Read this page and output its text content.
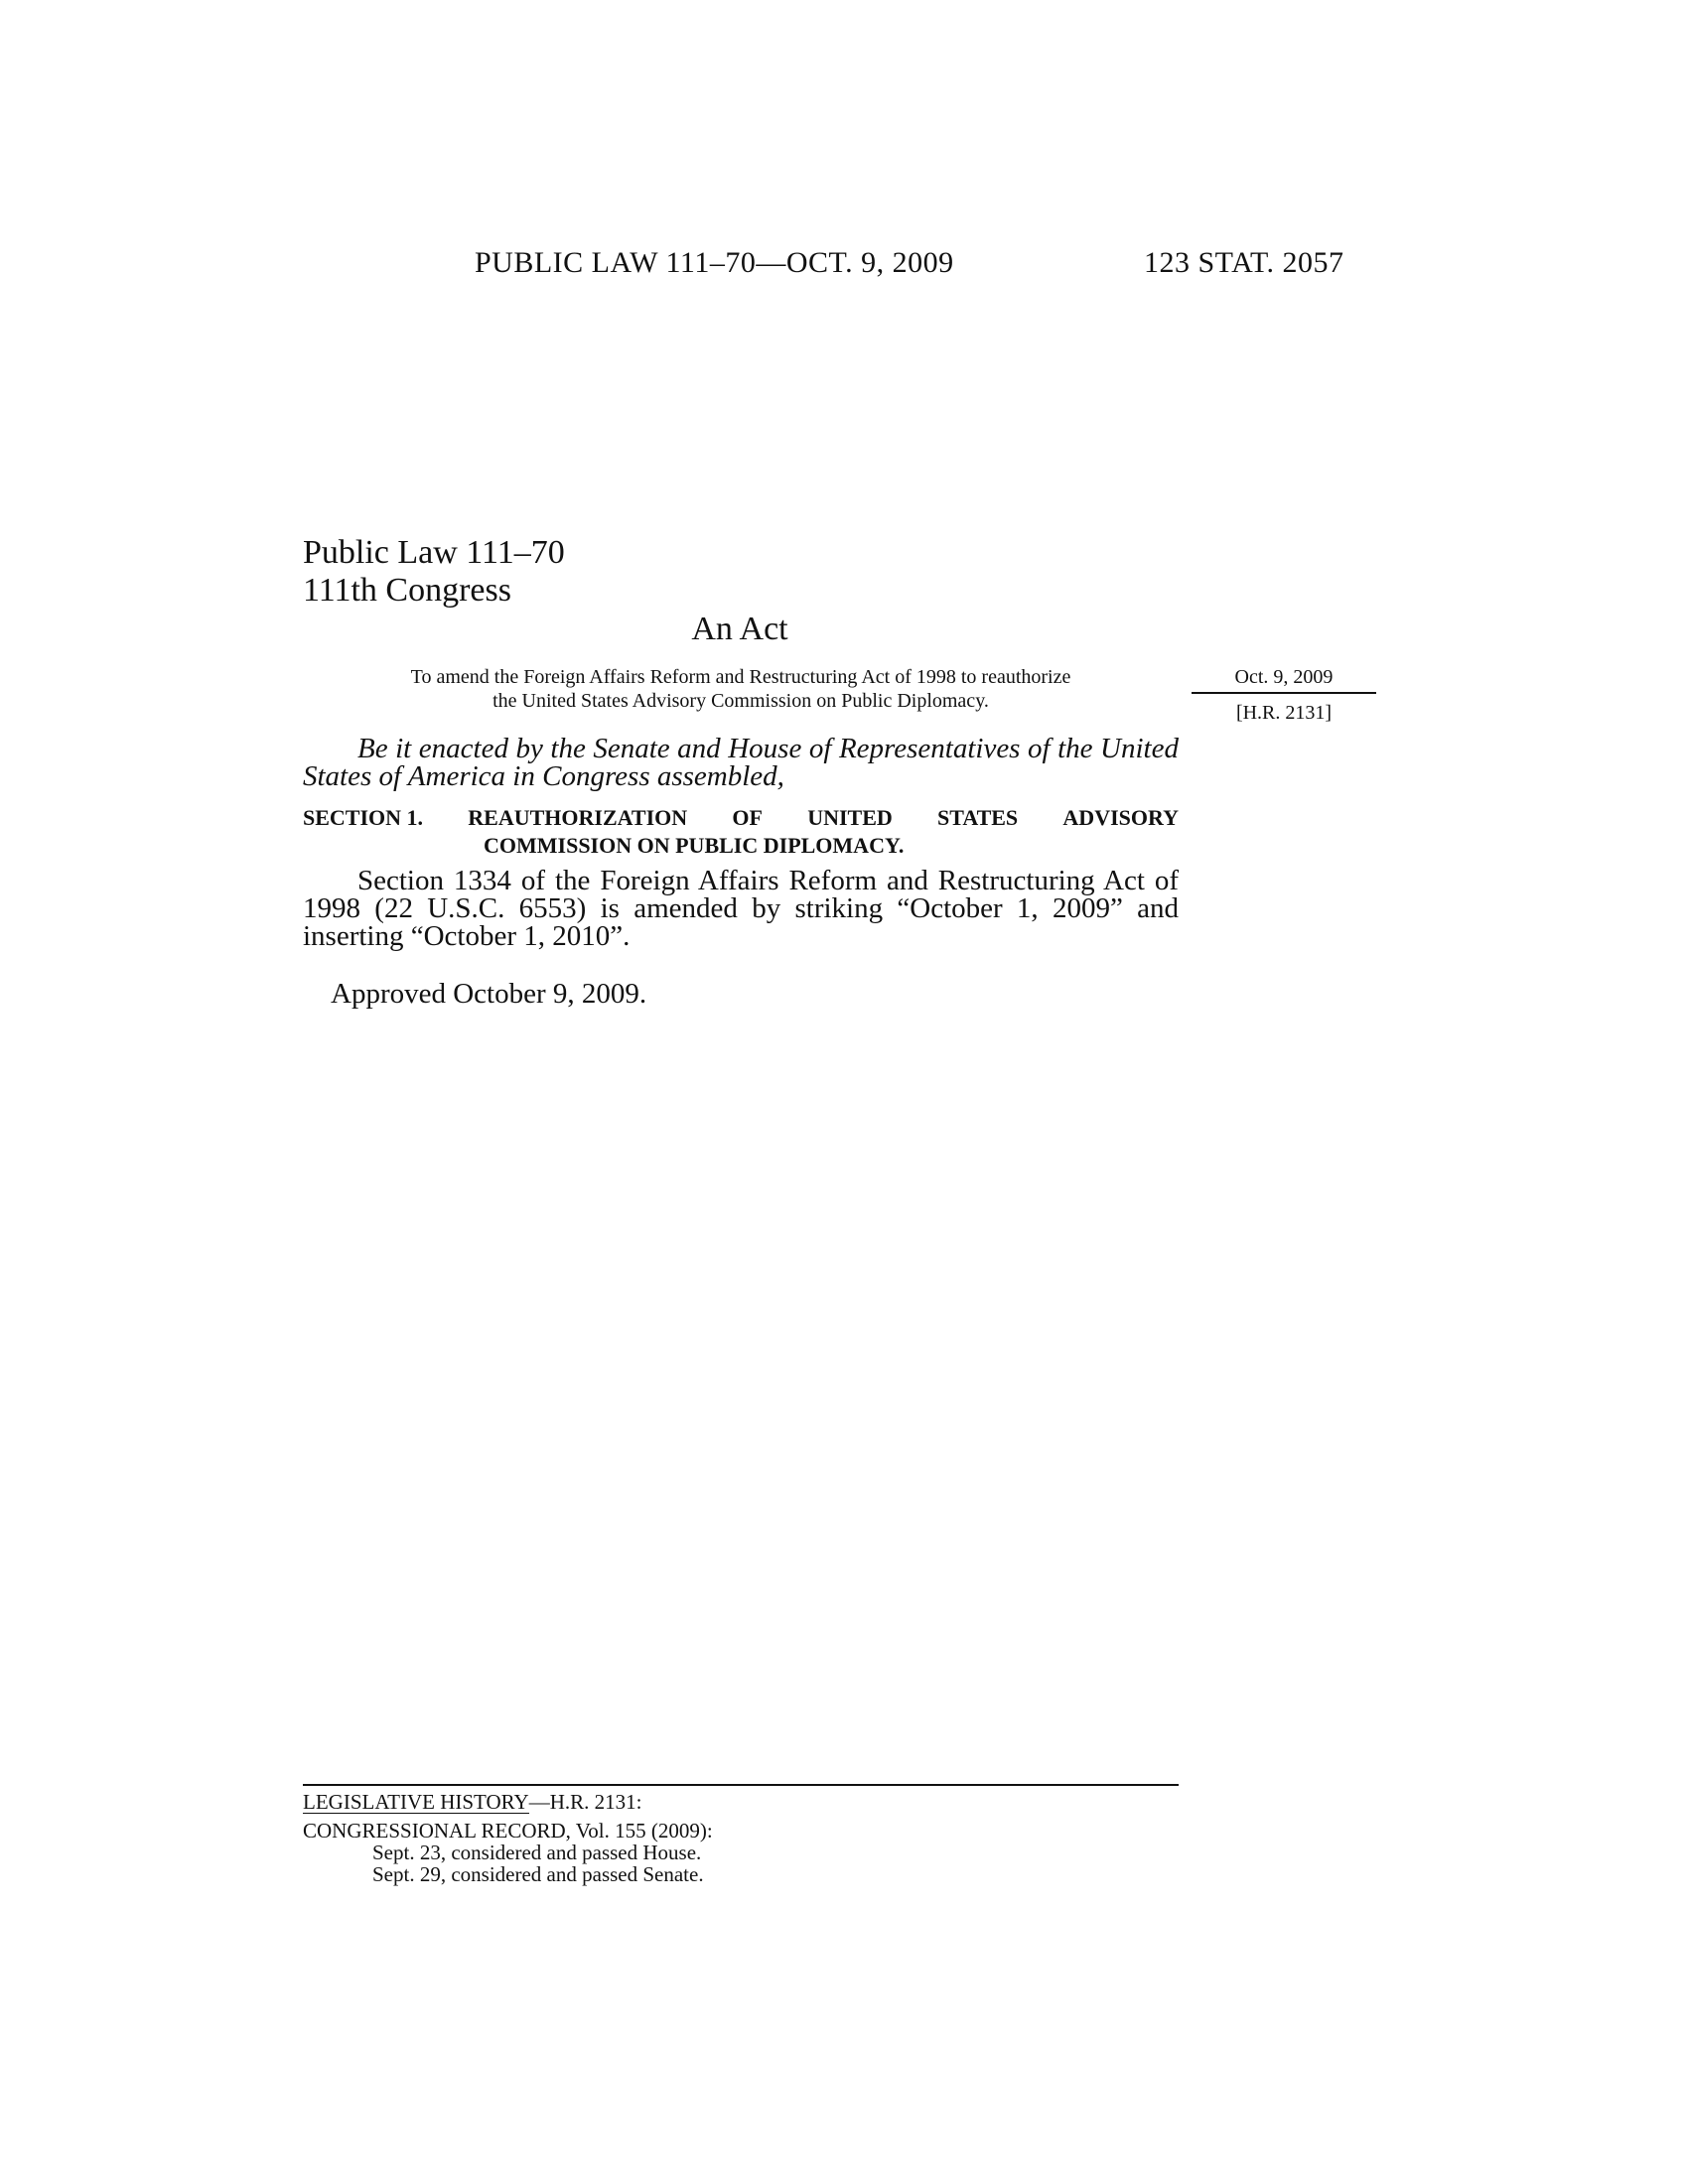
PUBLIC LAW 111–70—OCT. 9, 2009	123 STAT. 2057
Public Law 111–70
111th Congress
An Act
To amend the Foreign Affairs Reform and Restructuring Act of 1998 to reauthorize
the United States Advisory Commission on Public Diplomacy.
Oct. 9, 2009
[H.R. 2131]
Be it enacted by the Senate and House of Representatives of the United States of America in Congress assembled,
SECTION 1. REAUTHORIZATION OF UNITED STATES ADVISORY
COMMISSION ON PUBLIC DIPLOMACY.
Section 1334 of the Foreign Affairs Reform and Restructuring Act of 1998 (22 U.S.C. 6553) is amended by striking “October 1, 2009” and inserting “October 1, 2010”.
Approved October 9, 2009.
LEGISLATIVE HISTORY—H.R. 2131:
CONGRESSIONAL RECORD, Vol. 155 (2009):
Sept. 23, considered and passed House.
Sept. 29, considered and passed Senate.
